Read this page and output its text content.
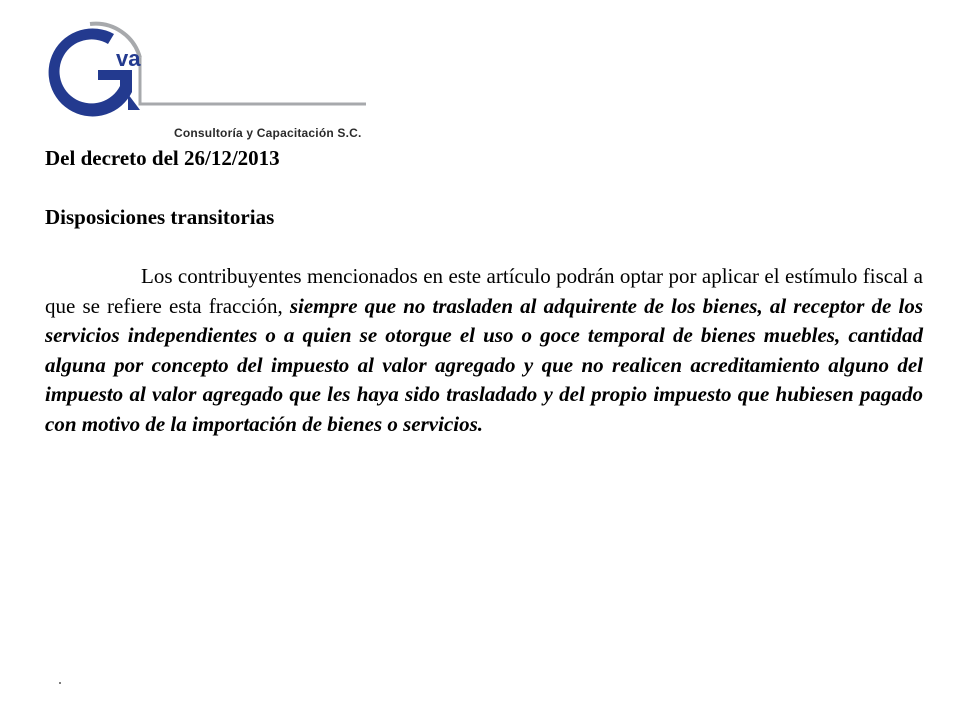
va
Consultoría y Capacitación S.C.

Del decreto del 26/12/2013

Disposiciones transitorias

Los contribuyentes mencionados en este artículo podrán optar por aplicar el estímulo fiscal a que se refiere esta fracción, siempre que no trasladen al adquirente de los bienes, al receptor de los servicios independientes o a quien se otorgue el uso o goce temporal de bienes muebles, cantidad alguna por concepto del impuesto al valor agregado y que no realicen acreditamiento alguno del impuesto al valor agregado que les haya sido trasladado y del propio impuesto que hubiesen pagado con motivo de la importación de bienes o servicios.
